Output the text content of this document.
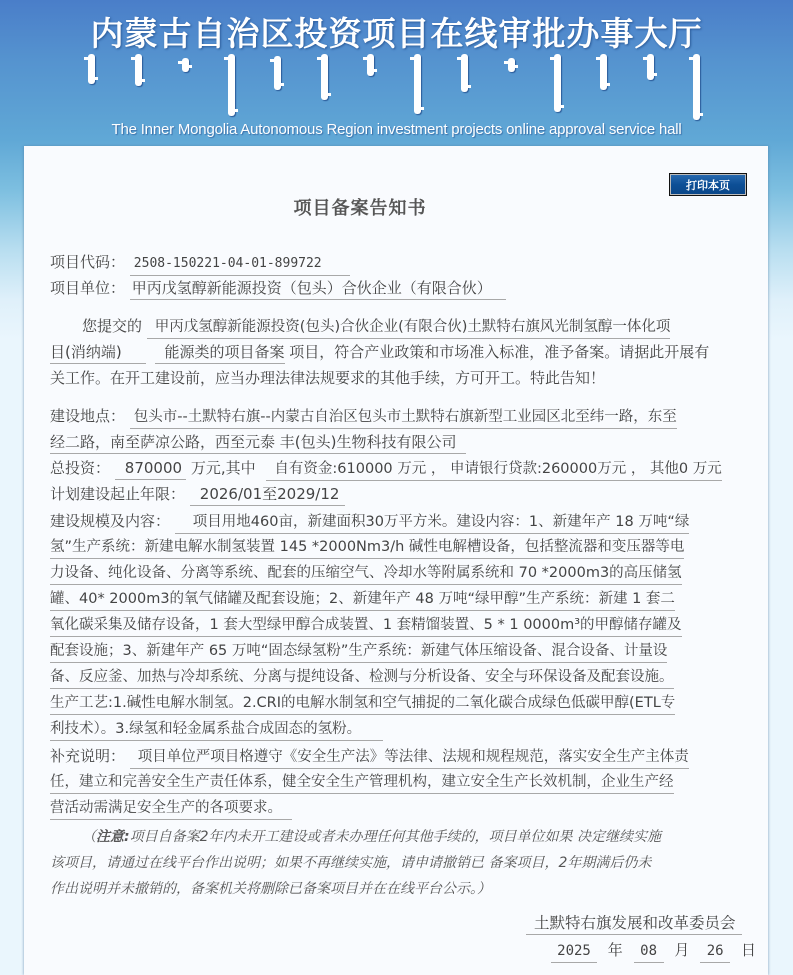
内蒙古自治区投资项目在线审批办事大厅
The Inner Mongolia Autonomous Region investment projects online approval service hall
打印本页
项目备案告知书
项目代码： 2508-150221-04-01-899722
项目单位： 甲丙戊氢醇新能源投资（包头）合伙企业（有限合伙）
您提交的 甲丙戊氢醇新能源投资(包头)合伙企业(有限合伙)土默特右旗风光制氢醇一体化项
目(消纳端)	能源类的项目备案 项目，符合产业政策和市场准入标准，准予备案。请据此开展有
关工作。在开工建设前，应当办理法律法规要求的其他手续，方可开工。特此告知！
建设地点： 包头市--土默特右旗--内蒙古自治区包头市土默特右旗新型工业园区北至纬一路，东至
经二路，南至萨凉公路，西至元泰 丰(包头)生物科技有限公司
总投资： 870000 万元,其中 自有资金:610000 万元 ， 申请银行贷款:260000万元 ， 其他0 万元
计划建设起止年限： 2026/01至2029/12
建设规模及内容： 项目用地460亩，新建面积30万平方米。建设内容：1、新建年产 18 万吨“绿
氢”生产系统：新建电解水制氢装置 145 *2000Nm3/h 碱性电解槽设备，包括整流器和变压器等电
力设备、纯化设备、分离等系统、配套的压缩空气、冷却水等附属系统和 70 *2000m3的高压储氢
罐、40* 2000m3的氧气储罐及配套设施；2、新建年产 48 万吨“绿甲醇”生产系统：新建 1 套二
氧化碳采集及储存设备，1 套大型绿甲醇合成装置、1 套精馏装置、5 * 1 0000m³的甲醇储存罐及
配套设施；3、新建年产 65 万吨“固态绿氢粉”生产系统：新建气体压缩设备、混合设备、计量设
备、反应釜、加热与冷却系统、分离与提纯设备、检测与分析设备、安全与环保设备及配套设施。
生产工艺:1.碱性电解水制氢。2.CRI的电解水制氢和空气捕捉的二氧化碳合成绿色低碳甲醇(ETL专
利技术）。3.绿氢和轻金属系盐合成固态的氢粉。
补充说明： 项目单位严项目格遵守《安全生产法》等法律、法规和规程规范，落实安全生产主体责
任，建立和完善安全生产责任体系，健全安全生产管理机构，建立安全生产长效机制，企业生产经
营活动需满足安全生产的各项要求。
（注意:项目自备案2年内未开工建设或者未办理任何其他手续的，项目单位如果 决定继续实施
该项目，请通过在线平台作出说明；如果不再继续实施，请申请撤销已 备案项目，2年期满后仍未
作出说明并未撤销的，备案机关将删除已备案项目并在在线平台公示。）
土默特右旗发展和改革委员会
2025 年 08 月 26 日
